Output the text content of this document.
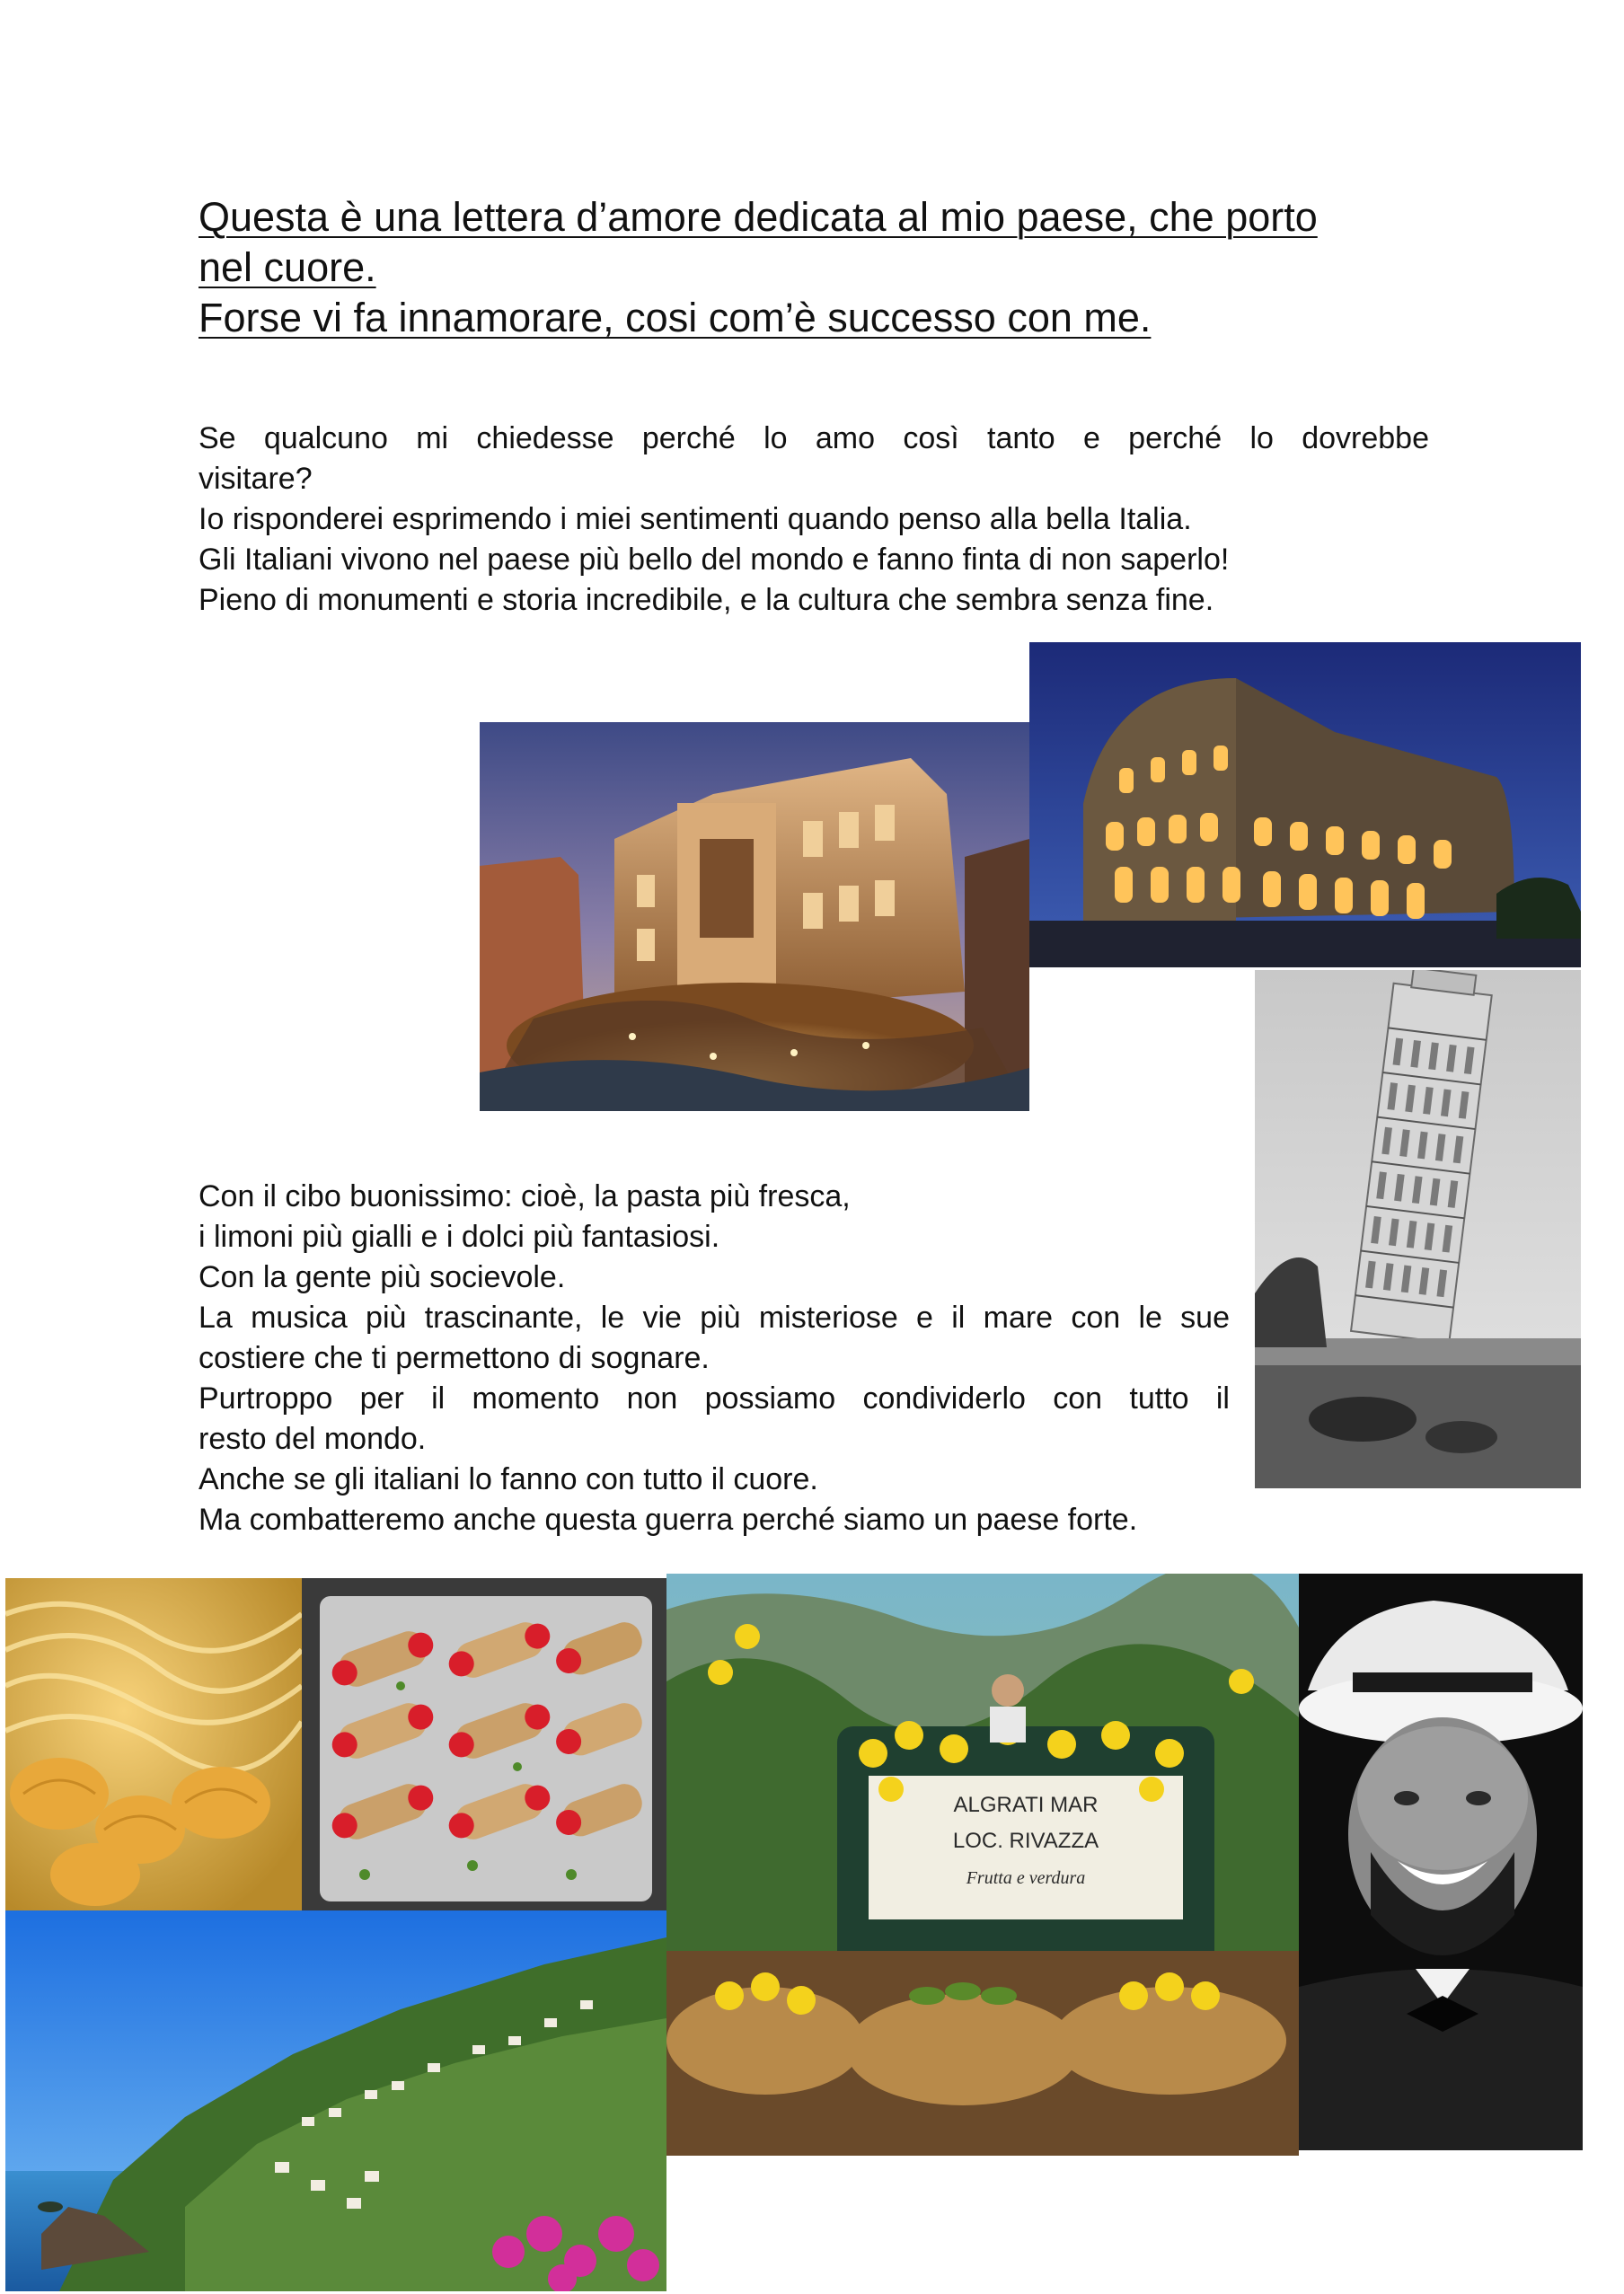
Questa è una lettera d’amore dedicata al mio paese, che porto
nel cuore.
Forse vi fa innamorare, cosi com’è successo con me.
Se qualcuno mi chiedesse perché lo amo così tanto e perché lo dovrebbe
visitare?
Io risponderei esprimendo i miei sentimenti quando penso alla bella Italia.
Gli Italiani vivono nel paese più bello del mondo e fanno finta di non saperlo!
Pieno di monumenti e storia incredibile, e la cultura che sembra senza fine.
Con il cibo buonissimo: cioè, la pasta più fresca,
i limoni più gialli e i dolci più fantasiosi.
Con la gente più socievole.
La musica più trascinante, le vie più misteriose e il mare con le sue
costiere che ti permettono di sognare.
Purtroppo per il momento non possiamo condividerlo con tutto il
resto del mondo.
Anche se gli italiani lo fanno con tutto il cuore.
Ma combatteremo anche questa guerra perché siamo un paese forte.
ALGRATI MAR
LOC. RIVAZZA
Frutta e verdura
